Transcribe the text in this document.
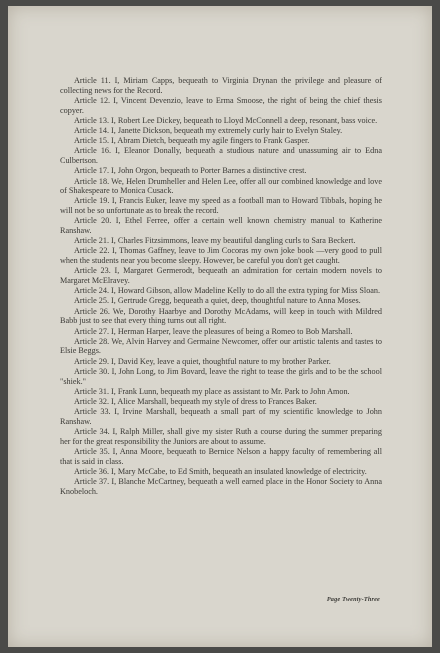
Article 11. I, Miriam Capps, bequeath to Virginia Drynan the privilege and pleasure of collecting news for the Record.

Article 12. I, Vincent Devenzio, leave to Erma Smoose, the right of being the chief thesis copyer.

Article 13. I, Robert Lee Dickey, bequeath to Lloyd McConnell a deep, resonant, bass voice.

Article 14. I, Janette Dickson, bequeath my extremely curly hair to Evelyn Staley.

Article 15. I, Abram Dietch, bequeath my agile fingers to Frank Gasper.

Article 16. I, Eleanor Donally, bequeath a studious nature and unassuming air to Edna Culbertson.

Article 17. I, John Orgon, bequeath to Porter Barnes a distinctive crest.

Article 18. We, Helen Drumheller and Helen Lee, offer all our combined knowledge and love of Shakespeare to Monica Cusack.

Article 19. I, Francis Euker, leave my speed as a football man to Howard Tibbals, hoping he will not be so unfortunate as to break the record.

Article 20. I, Ethel Ferree, offer a certain well known chemistry manual to Katherine Ranshaw.

Article 21. I, Charles Fitzsimmons, leave my beautiful dangling curls to Sara Beckert.

Article 22. I, Thomas Gaffney, leave to Jim Cocoras my own joke book —very good to pull when the students near you become sleepy. However, be careful you don't get caught.

Article 23. I, Margaret Germerodt, bequeath an admiration for certain modern novels to Margaret McElravey.

Article 24. I, Howard Gibson, allow Madeline Kelly to do all the extra typing for Miss Sloan.

Article 25. I, Gertrude Gregg, bequeath a quiet, deep, thoughtful nature to Anna Moses.

Article 26. We, Dorothy Haarbye and Dorothy McAdams, will keep in touch with Mildred Babb just to see that every thing turns out all right.

Article 27. I, Herman Harper, leave the pleasures of being a Romeo to Bob Marshall.

Article 28. We, Alvin Harvey and Germaine Newcomer, offer our artistic talents and tastes to Elsie Beggs.

Article 29. I, David Key, leave a quiet, thoughtful nature to my brother Parker.

Article 30. I, John Long, to Jim Bovard, leave the right to tease the girls and to be the school "shiek."

Article 31. I, Frank Lunn, bequeath my place as assistant to Mr. Park to John Amon.

Article 32. I, Alice Marshall, bequeath my style of dress to Frances Baker.

Article 33. I, Irvine Marshall, bequeath a small part of my scientific knowledge to John Ranshaw.

Article 34. I, Ralph Miller, shall give my sister Ruth a course during the summer preparing her for the great responsibility the Juniors are about to assume.

Article 35. I, Anna Moore, bequeath to Bernice Nelson a happy faculty of remembering all that is said in class.

Article 36. I, Mary McCabe, to Ed Smith, bequeath an insulated knowledge of electricity.

Article 37. I, Blanche McCartney, bequeath a well earned place in the Honor Society to Anna Knobeloch.

Page Twenty-Three
